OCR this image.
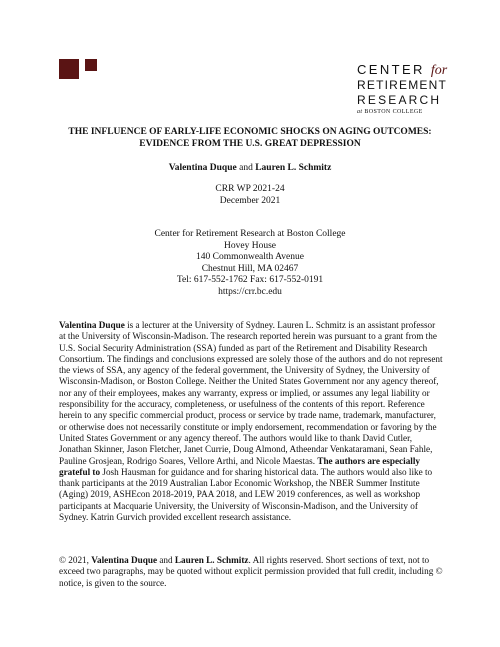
CENTER for
RETIREMENT
RESEARCH
at BOSTON COLLEGE
THE INFLUENCE OF EARLY-LIFE ECONOMIC SHOCKS ON AGING OUTCOMES:
EVIDENCE FROM THE U.S. GREAT DEPRESSION
Valentina Duque and Lauren L. Schmitz
CRR WP 2021-24
December 2021
Center for Retirement Research at Boston College
Hovey House
140 Commonwealth Avenue
Chestnut Hill, MA 02467
Tel: 617-552-1762 Fax: 617-552-0191
https://crr.bc.edu
Valentina Duque is a lecturer at the University of Sydney. Lauren L. Schmitz is an assistant professor at the University of Wisconsin-Madison. The research reported herein was pursuant to a grant from the U.S. Social Security Administration (SSA) funded as part of the Retirement and Disability Research Consortium. The findings and conclusions expressed are solely those of the authors and do not represent the views of SSA, any agency of the federal government, the University of Sydney, the University of Wisconsin-Madison, or Boston College. Neither the United States Government nor any agency thereof, nor any of their employees, makes any warranty, express or implied, or assumes any legal liability or responsibility for the accuracy, completeness, or usefulness of the contents of this report. Reference herein to any specific commercial product, process or service by trade name, trademark, manufacturer, or otherwise does not necessarily constitute or imply endorsement, recommendation or favoring by the United States Government or any agency thereof. The authors would like to thank David Cutler, Jonathan Skinner, Jason Fletcher, Janet Currie, Doug Almond, Atheendar Venkataramani, Sean Fahle, Pauline Grosjean, Rodrigo Soares, Vellore Arthi, and Nicole Maestas. The authors are especially grateful to Josh Hausman for guidance and for sharing historical data. The authors would also like to thank participants at the 2019 Australian Labor Economic Workshop, the NBER Summer Institute (Aging) 2019, ASHEcon 2018-2019, PAA 2018, and LEW 2019 conferences, as well as workshop participants at Macquarie University, the University of Wisconsin-Madison, and the University of Sydney. Katrin Gurvich provided excellent research assistance.
© 2021, Valentina Duque and Lauren L. Schmitz. All rights reserved. Short sections of text, not to exceed two paragraphs, may be quoted without explicit permission provided that full credit, including © notice, is given to the source.
